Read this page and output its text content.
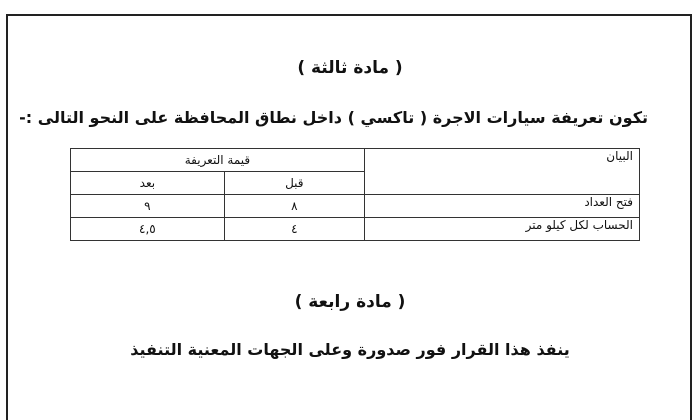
( مادة ثالثة )
تكون تعريفة سيارات الاجرة ( تاكسي ) داخل نطاق المحافظة على النحو التالى :-
البيان	قيمة التعريفة	
	قبل	بعد
فتح العداد	٨	٩
الحساب لكل كيلو متر	٤	٤,٥
( مادة رابعة )
ينفذ هذا القرار فور صدورة وعلى الجهات المعنية التنفيذ
